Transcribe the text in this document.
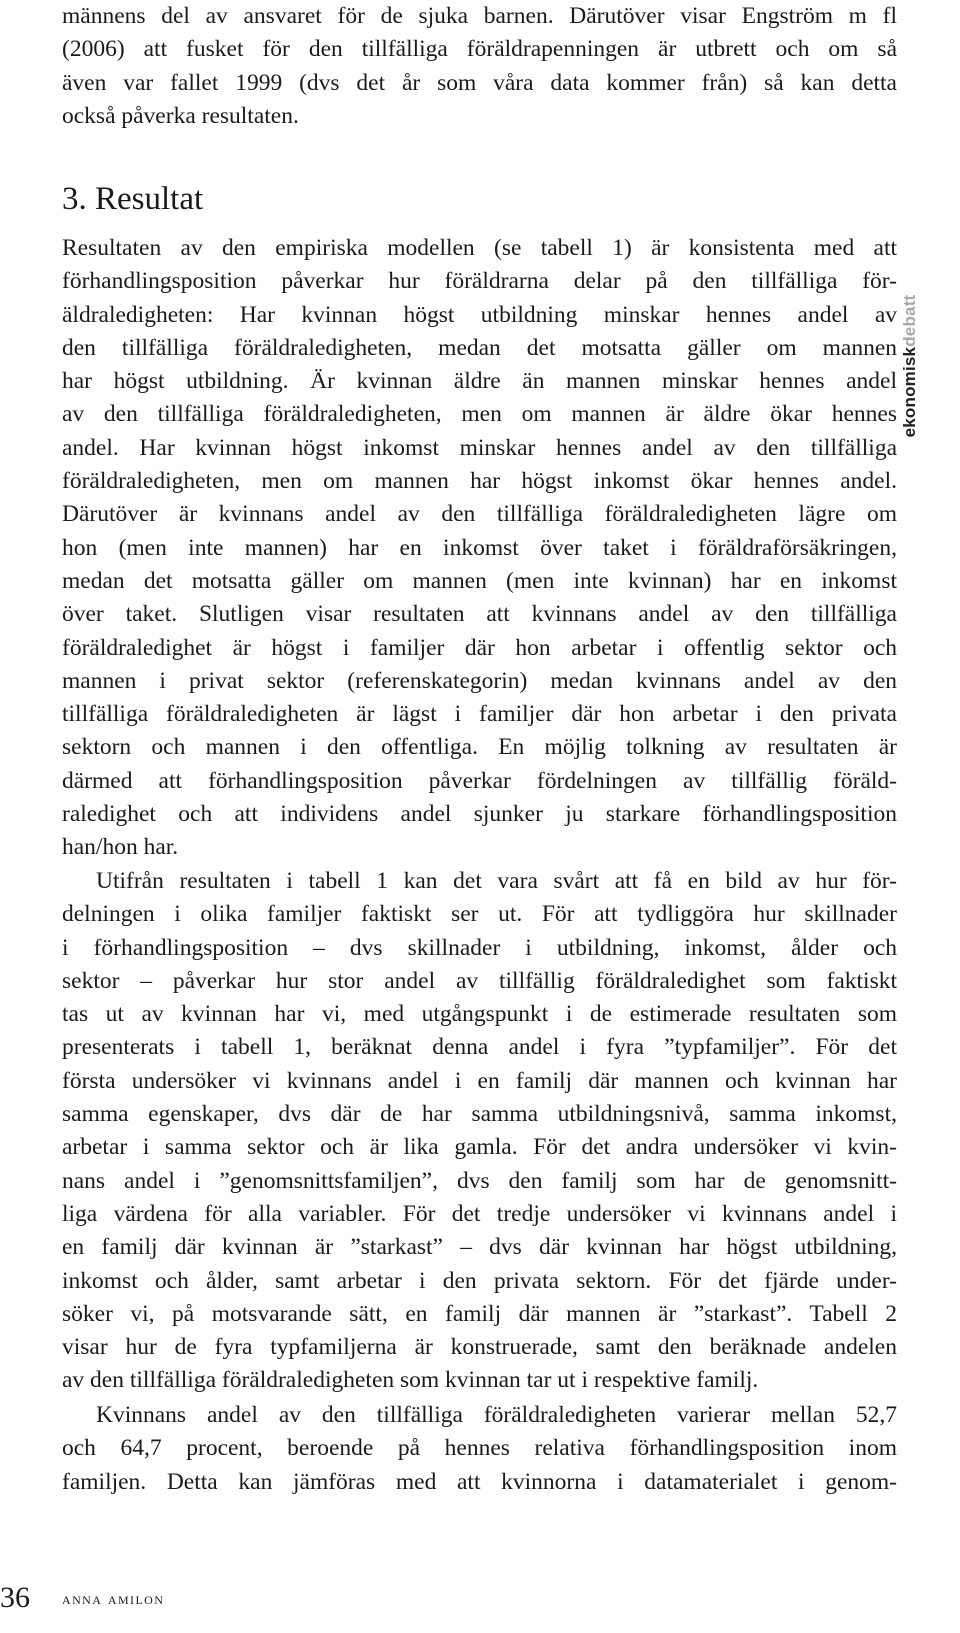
männens del av ansvaret för de sjuka barnen. Därutöver visar Engström m fl
(2006) att fusket för den tillfälliga föräldrapenningen är utbrett och om så
även var fallet 1999 (dvs det år som våra data kommer från) så kan detta
också påverka resultaten.
3. Resultat
Resultaten av den empiriska modellen (se tabell 1) är konsistenta med att
förhandlingsposition påverkar hur föräldrarna delar på den tillfälliga för-
äldraledigheten: Har kvinnan högst utbildning minskar hennes andel av
den tillfälliga föräldraledigheten, medan det motsatta gäller om mannen
har högst utbildning. Är kvinnan äldre än mannen minskar hennes andel
av den tillfälliga föräldraledigheten, men om mannen är äldre ökar hennes
andel. Har kvinnan högst inkomst minskar hennes andel av den tillfälliga
föräldraledigheten, men om mannen har högst inkomst ökar hennes andel.
Därutöver är kvinnans andel av den tillfälliga föräldraledigheten lägre om
hon (men inte mannen) har en inkomst över taket i föräldraförsäkringen,
medan det motsatta gäller om mannen (men inte kvinnan) har en inkomst
över taket. Slutligen visar resultaten att kvinnans andel av den tillfälliga
föräldraledighet är högst i familjer där hon arbetar i offentlig sektor och
mannen i privat sektor (referenskategorin) medan kvinnans andel av den
tillfälliga föräldraledigheten är lägst i familjer där hon arbetar i den privata
sektorn och mannen i den offentliga. En möjlig tolkning av resultaten är
därmed att förhandlingsposition påverkar fördelningen av tillfällig föräld-
raledighet och att individens andel sjunker ju starkare förhandlingsposition
han/hon har.
Utifrån resultaten i tabell 1 kan det vara svårt att få en bild av hur för-
delningen i olika familjer faktiskt ser ut. För att tydliggöra hur skillnader
i förhandlingsposition – dvs skillnader i utbildning, inkomst, ålder och
sektor – påverkar hur stor andel av tillfällig föräldraledighet som faktiskt
tas ut av kvinnan har vi, med utgångspunkt i de estimerade resultaten som
presenterats i tabell 1, beräknat denna andel i fyra ”typfamiljer”. För det
första undersöker vi kvinnans andel i en familj där mannen och kvinnan har
samma egenskaper, dvs där de har samma utbildningsnivå, samma inkomst,
arbetar i samma sektor och är lika gamla. För det andra undersöker vi kvin-
nans andel i ”genomsnittsfamiljen”, dvs den familj som har de genomsnitt-
liga värdena för alla variabler. För det tredje undersöker vi kvinnans andel i
en familj där kvinnan är ”starkast” – dvs där kvinnan har högst utbildning,
inkomst och ålder, samt arbetar i den privata sektorn. För det fjärde under-
söker vi, på motsvarande sätt, en familj där mannen är ”starkast”. Tabell 2
visar hur de fyra typfamiljerna är konstruerade, samt den beräknade andelen
av den tillfälliga föräldraledigheten som kvinnan tar ut i respektive familj.
Kvinnans andel av den tillfälliga föräldraledigheten varierar mellan 52,7
och 64,7 procent, beroende på hennes relativa förhandlingsposition inom
familjen. Detta kan jämföras med att kvinnorna i datamaterialet i genom-
ekonomiskdebatt
36 anna amilon
